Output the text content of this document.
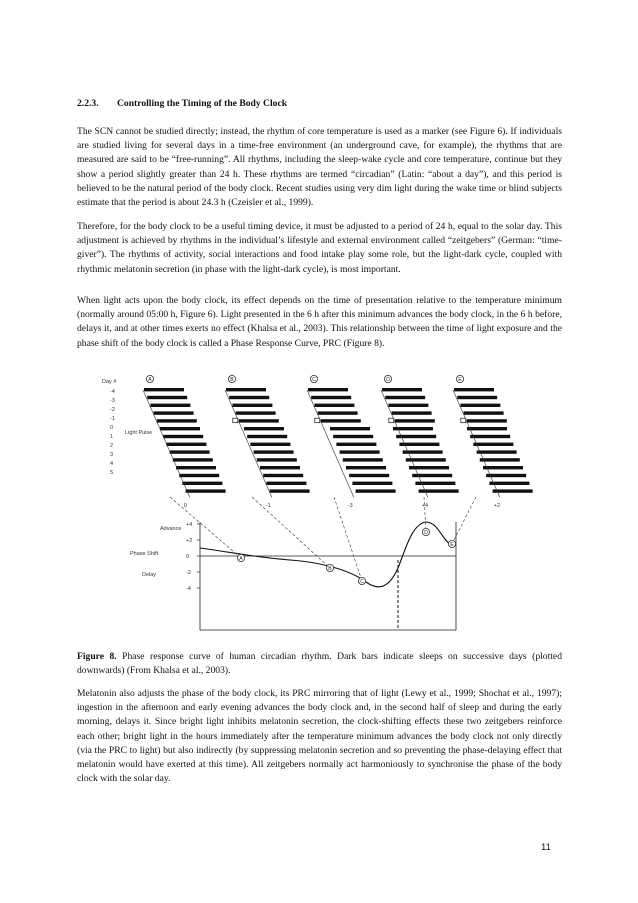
2.2.3. Controlling the Timing of the Body Clock

The SCN cannot be studied directly; instead, the rhythm of core temperature is used as a marker (see Figure 6). If individuals are studied living for several days in a time-free environment (an underground cave, for example), the rhythms that are measured are said to be “free-running”. All rhythms, including the sleep-wake cycle and core temperature, continue but they show a period slightly greater than 24 h. These rhythms are termed “circadian” (Latin: “about a day”), and this period is believed to be the natural period of the body clock. Recent studies using very dim light during the wake time or blind subjects estimate that the period is about 24.3 h (Czeisler et al., 1999).

Therefore, for the body clock to be a useful timing device, it must be adjusted to a period of 24 h, equal to the solar day. This adjustment is achieved by rhythms in the individual’s lifestyle and external environment called “zeitgebers” (German: “time-giver”). The rhythms of activity, social interactions and food intake play some role, but the light-dark cycle, coupled with rhythmic melatonin secretion (in phase with the light-dark cycle), is most important.

When light acts upon the body clock, its effect depends on the time of presentation relative to the temperature minimum (normally around 05:00 h, Figure 6). Light presented in the 6 h after this minimum advances the body clock, in the 6 h before, delays it, and at other times exerts no effect (Khalsa et al., 2003). This relationship between the time of light exposure and the phase shift of the body clock is called a Phase Response Curve, PRC (Figure 8).

Day #
-4
-3
-2
-1
0
1
2
3
4
5
Light Pulse
A
0
B
-1
C
-3
D
+4
E
+2
+4
+2
0
-2
-4
Advance
Phase Shift
Delay
A
B
C
D
E

Figure 8. Phase response curve of human circadian rhythm. Dark bars indicate sleeps on successive days (plotted downwards) (From Khalsa et al., 2003).

Melatonin also adjusts the phase of the body clock, its PRC mirroring that of light (Lewy et al., 1999; Shochat et al., 1997); ingestion in the afternoon and early evening advances the body clock and, in the second half of sleep and during the early morning, delays it. Since bright light inhibits melatonin secretion, the clock-shifting effects these two zeitgebers reinforce each other; bright light in the hours immediately after the temperature minimum advances the body clock not only directly (via the PRC to light) but also indirectly (by suppressing melatonin secretion and so preventing the phase-delaying effect that melatonin would have exerted at this time). All zeitgebers normally act harmoniously to synchronise the phase of the body clock with the solar day.

11
